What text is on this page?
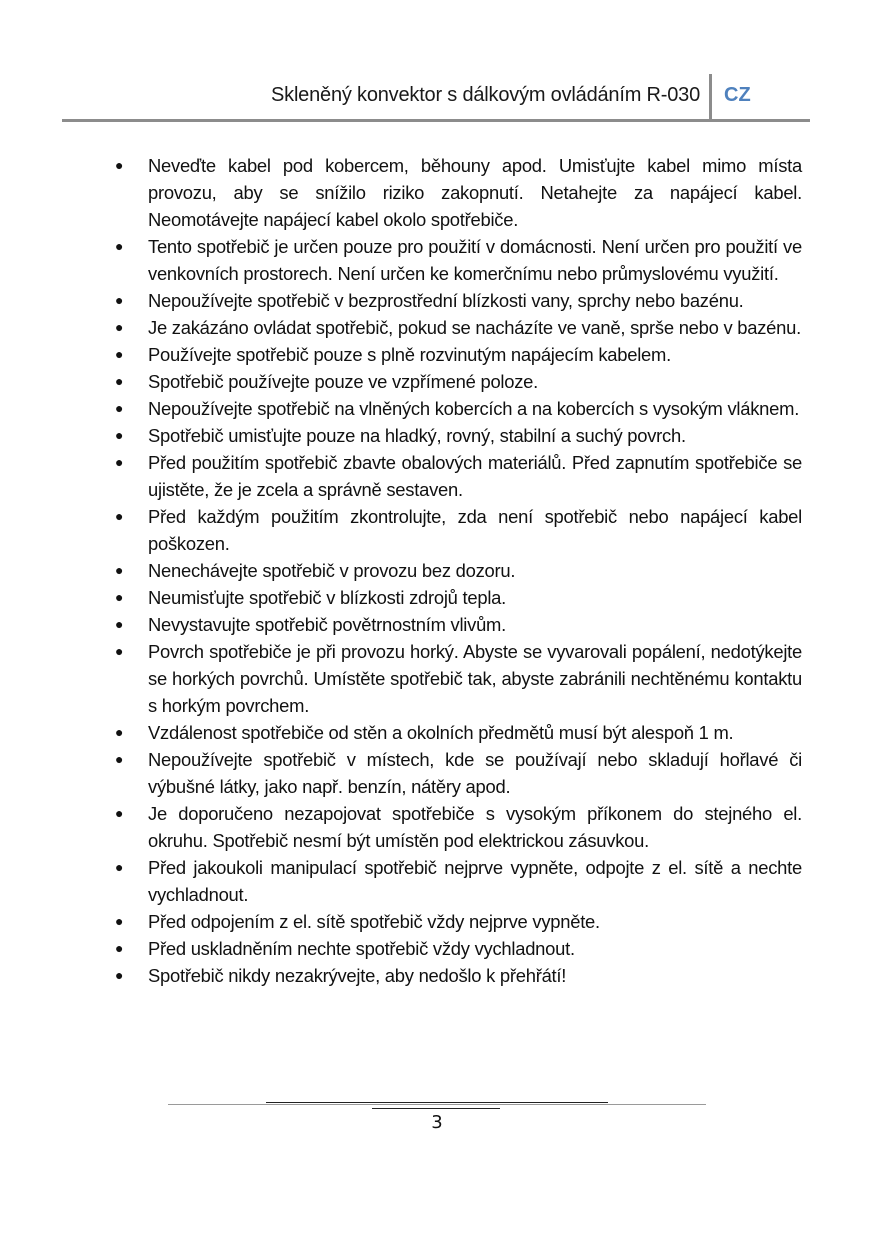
Skleněný konvektor s dálkovým ovládáním R-030 CZ
● Neveďte kabel pod kobercem, běhouny apod. Umisťujte kabel mimo místa provozu, aby se snížilo riziko zakopnutí. Netahejte za napájecí kabel. Neomotávejte napájecí kabel okolo spotřebiče.
● Tento spotřebič je určen pouze pro použití v domácnosti. Není určen pro použití ve venkovních prostorech. Není určen ke komerčnímu nebo průmyslovému využití.
● Nepoužívejte spotřebič v bezprostřední blízkosti vany, sprchy nebo bazénu.
● Je zakázáno ovládat spotřebič, pokud se nacházíte ve vaně, sprše nebo v bazénu.
● Používejte spotřebič pouze s plně rozvinutým napájecím kabelem.
● Spotřebič používejte pouze ve vzpřímené poloze.
● Nepoužívejte spotřebič na vlněných kobercích a na kobercích s vysokým vláknem.
● Spotřebič umisťujte pouze na hladký, rovný, stabilní a suchý povrch.
● Před použitím spotřebič zbavte obalových materiálů. Před zapnutím spotřebiče se ujistěte, že je zcela a správně sestaven.
● Před každým použitím zkontrolujte, zda není spotřebič nebo napájecí kabel poškozen.
● Nenechávejte spotřebič v provozu bez dozoru.
● Neumisťujte spotřebič v blízkosti zdrojů tepla.
● Nevystavujte spotřebič povětrnostním vlivům.
● Povrch spotřebiče je při provozu horký. Abyste se vyvarovali popálení, nedotýkejte se horkých povrchů. Umístěte spotřebič tak, abyste zabránili nechtěnému kontaktu s horkým povrchem.
● Vzdálenost spotřebiče od stěn a okolních předmětů musí být alespoň 1 m.
● Nepoužívejte spotřebič v místech, kde se používají nebo skladují hořlavé či výbušné látky, jako např. benzín, nátěry apod.
● Je doporučeno nezapojovat spotřebiče s vysokým příkonem do stejného el. okruhu. Spotřebič nesmí být umístěn pod elektrickou zásuvkou.
● Před jakoukoli manipulací spotřebič nejprve vypněte, odpojte z el. sítě a nechte vychladnout.
● Před odpojením z el. sítě spotřebič vždy nejprve vypněte.
● Před uskladněním nechte spotřebič vždy vychladnout.
● Spotřebič nikdy nezakrývejte, aby nedošlo k přehřátí!
3
